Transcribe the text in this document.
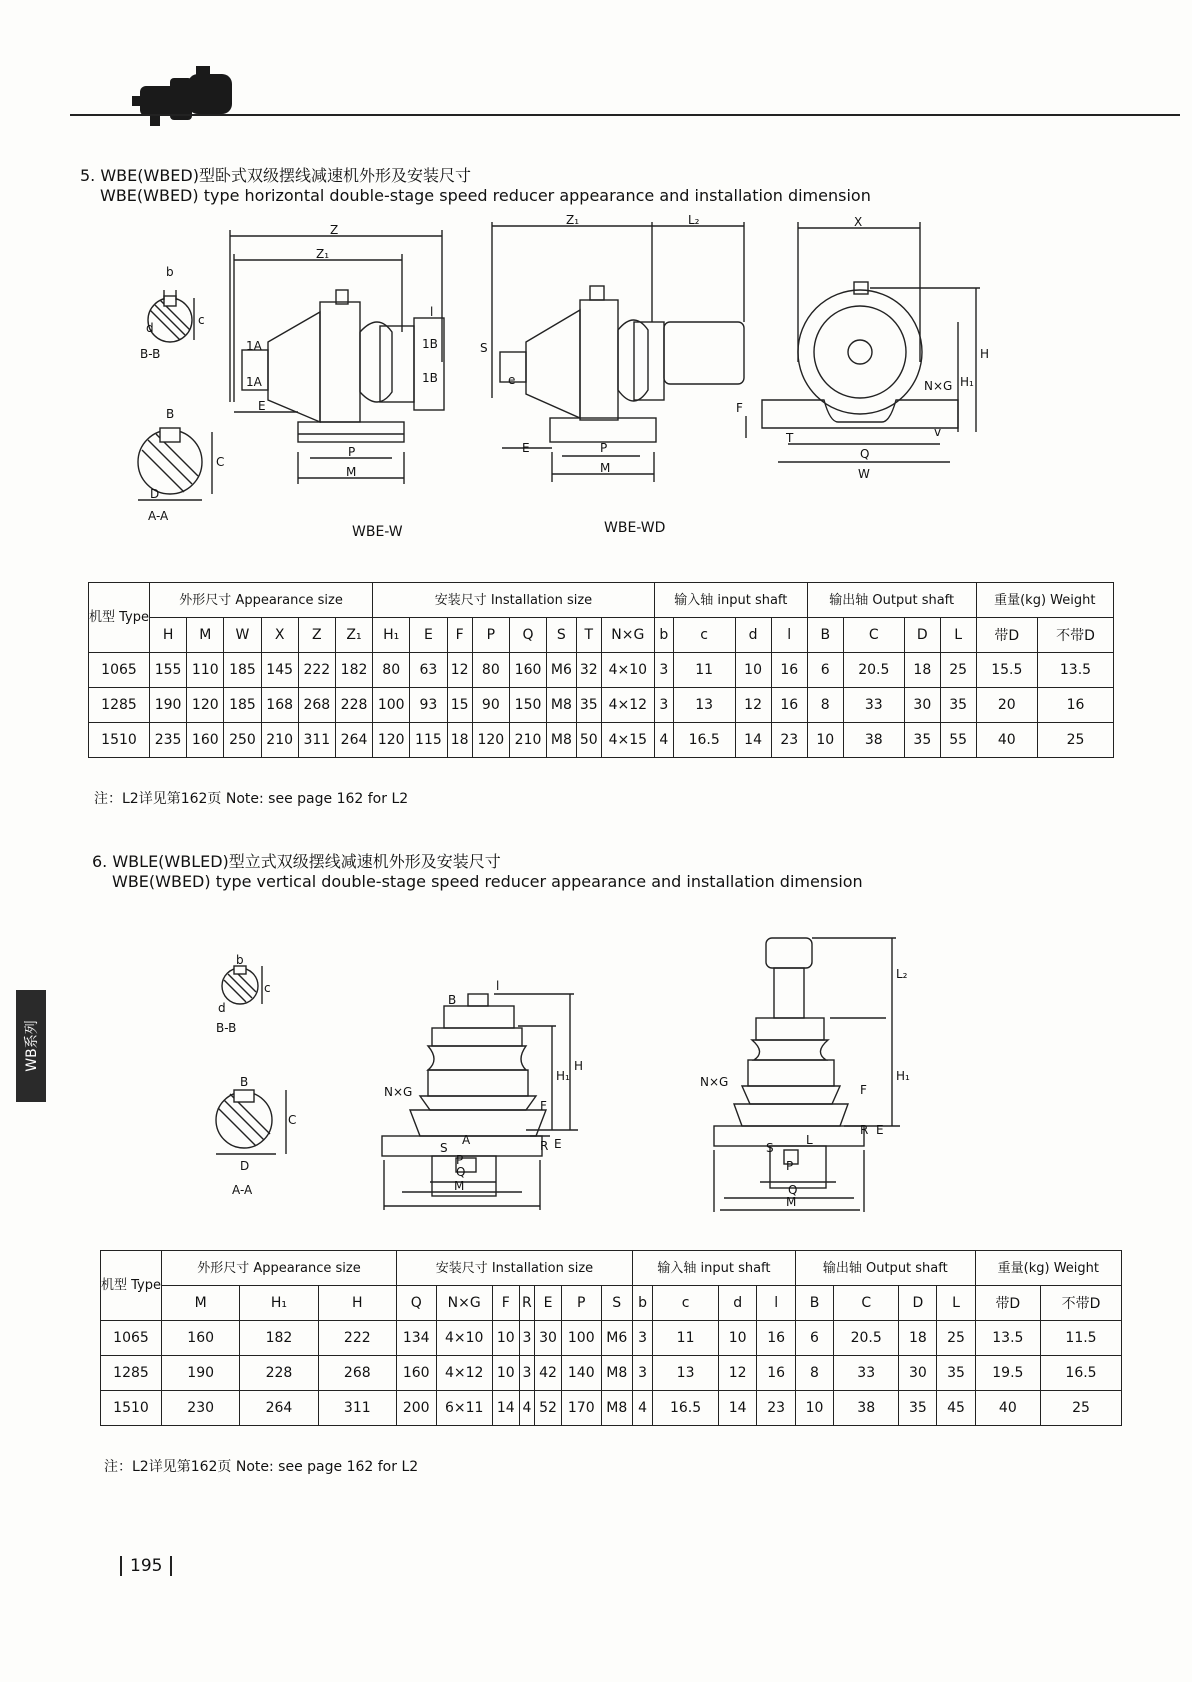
5. WBE(WBED)型卧式双级摆线减速机外形及安装尺寸
WBE(WBED) type horizontal double-stage speed reducer appearance and installation dimension
b
c
d
B-B
B
C
D
A-A
Z
Z₁
1A
1A
1B
1B
l
E
P
M
Z₁	L₂
S
e
E	P
M
X
H
H₁
N×G
F
T
Q
W
v
WBE-W	WBE-WD
机型 Type	外形尺寸 Appearance size						安装尺寸 Installation size								输入轴 input shaft				输出轴 Output shaft				重量(kg) Weight	
	H	M	W	X	Z	Z₁	H₁	E	F	P	Q	S	T	N×G	b	c	d	l	B	C	D	L	带D	不带D
1065	155	110	185	145	222	182	80	63	12	80	160	M6	32	4×10	3	11	10	16	6	20.5	18	25	15.5	13.5
1285	190	120	185	168	268	228	100	93	15	90	150	M8	35	4×12	3	13	12	16	8	33	30	35	20	16
1510	235	160	250	210	311	264	120	115	18	120	210	M8	50	4×15	4	16.5	14	23	10	38	35	55	40	25
注：L2详见第162页 Note: see page 162 for L2
6. WBLE(WBLED)型立式双级摆线减速机外形及安装尺寸
WBE(WBED) type vertical double-stage speed reducer appearance and installation dimension
WB系列
b
c
d
B-B
B
C
D
A-A
N×G
B
l
H
H₁
F
R E
S
A
P
Q
M
N×G
L₂
H₁
F
R E
L
S
P
Q
M
机型 Type	外形尺寸 Appearance size			安装尺寸 Installation size							输入轴 input shaft				输出轴 Output shaft				重量(kg) Weight	
	M	H₁	H	Q	N×G	F	R	E	P	S	b	c	d	l	B	C	D	L	带D	不带D
1065	160	182	222	134	4×10	10	3	30	100	M6	3	11	10	16	6	20.5	18	25	13.5	11.5
1285	190	228	268	160	4×12	10	3	42	140	M8	3	13	12	16	8	33	30	35	19.5	16.5
1510	230	264	311	200	6×11	14	4	52	170	M8	4	16.5	14	23	10	38	35	45	40	25
注：L2详见第162页 Note: see page 162 for L2
195
